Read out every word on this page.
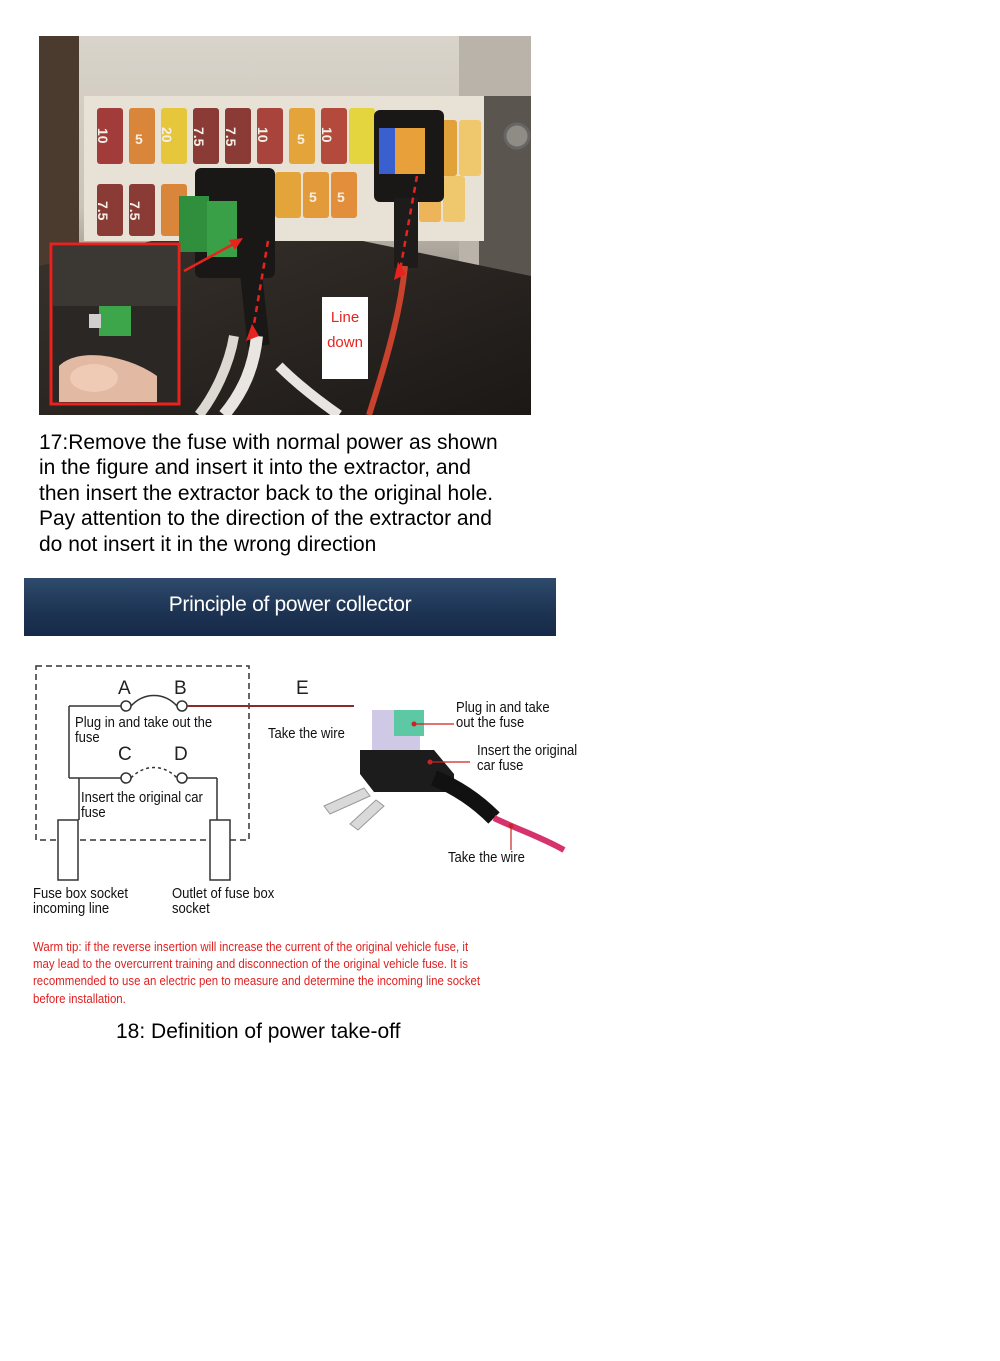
10 5 20 7.5 7.5 10 5 10
7.5 7.5
5 5
Line
down
17:Remove the fuse with normal power as shown
in the figure and insert it into the extractor, and
then insert the extractor back to the original hole.
Pay attention to the direction of the extractor and
do not insert it in the wrong direction
Principle of power collector
A B
C D
E
Plug in and take out the
fuse	Take the wire
Insert the original car
fuse
Fuse box socket
incoming line
Outlet of fuse box
socket
Plug in and take
out the fuse
Insert the original
car fuse
Take the wire
Warm tip: if the reverse insertion will increase the current of the original vehicle fuse, it
may lead to the overcurrent training and disconnection of the original vehicle fuse. It is
recommended to use an electric pen to measure and determine the incoming line socket
before installation.
18: Definition of power take-off
